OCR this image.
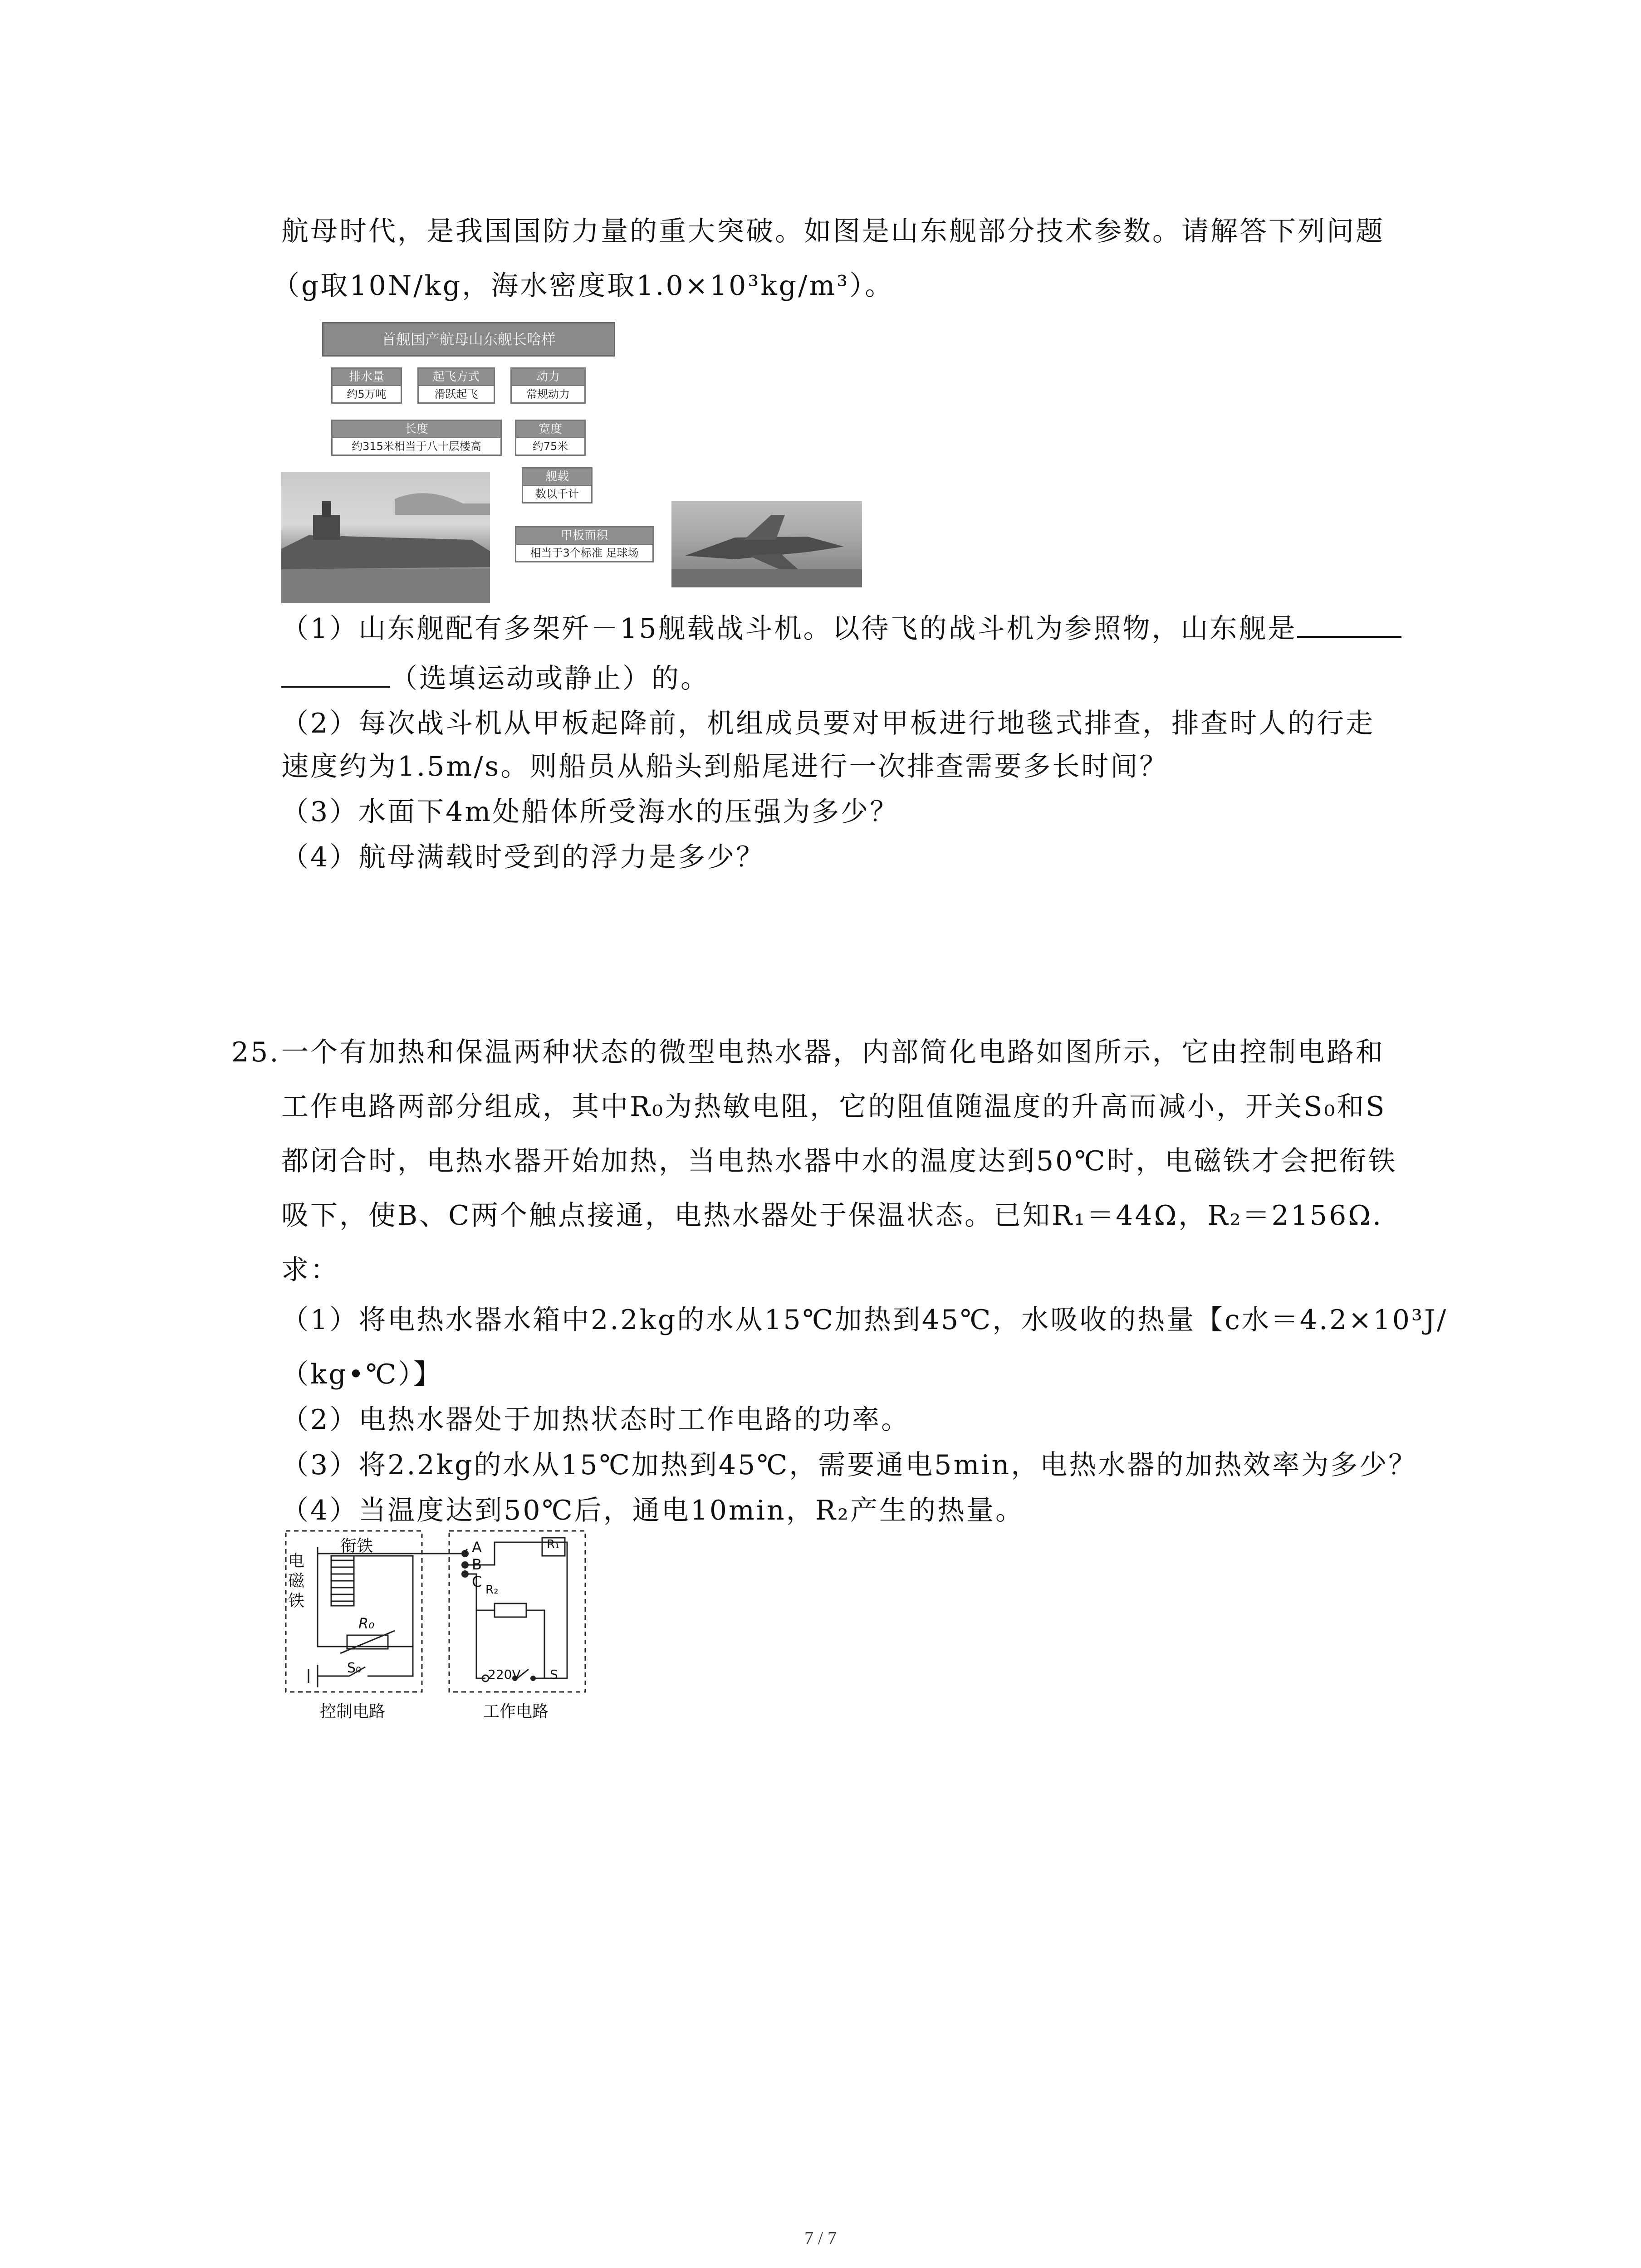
航母时代，是我国国防力量的重大突破。如图是山东舰部分技术参数。请解答下列问题
（g取10N/kg，海水密度取1.0×10³kg/m³）。
首舰国产航母山东舰长啥样
排水量
约5万吨
起飞方式
滑跃起飞
动力
常规动力
长度
约315米相当于八十层楼高
宽度
约75米
舰载
数以千计
甲板面积
相当于3个标准 足球场
（1）山东舰配有多架歼－15舰载战斗机。以待飞的战斗机为参照物，山东舰是
（选填运动或静止）的。
（2）每次战斗机从甲板起降前，机组成员要对甲板进行地毯式排查，排查时人的行走
速度约为1.5m/s。则船员从船头到船尾进行一次排查需要多长时间？
（3）水面下4m处船体所受海水的压强为多少？
（4）航母满载时受到的浮力是多少？
25. 一个有加热和保温两种状态的微型电热水器，内部简化电路如图所示，它由控制电路和
工作电路两部分组成，其中R₀为热敏电阻，它的阻值随温度的升高而减小，开关S₀和S
都闭合时，电热水器开始加热，当电热水器中水的温度达到50℃时，电磁铁才会把衔铁
吸下，使B、C两个触点接通，电热水器处于保温状态。已知R₁＝44Ω，R₂＝2156Ω.
求：
（1）将电热水器水箱中2.2kg的水从15℃加热到45℃，水吸收的热量【c水＝4.2×10³J/
（kg•℃）】
（2）电热水器处于加热状态时工作电路的功率。
（3）将2.2kg的水从15℃加热到45℃，需要通电5min，电热水器的加热效率为多少？
（4）当温度达到50℃后，通电10min，R₂产生的热量。
衔铁
电磁铁
R₀
S₀
A
B
C
R₁
R₂
220V S
控制电路	工作电路
7 / 7
